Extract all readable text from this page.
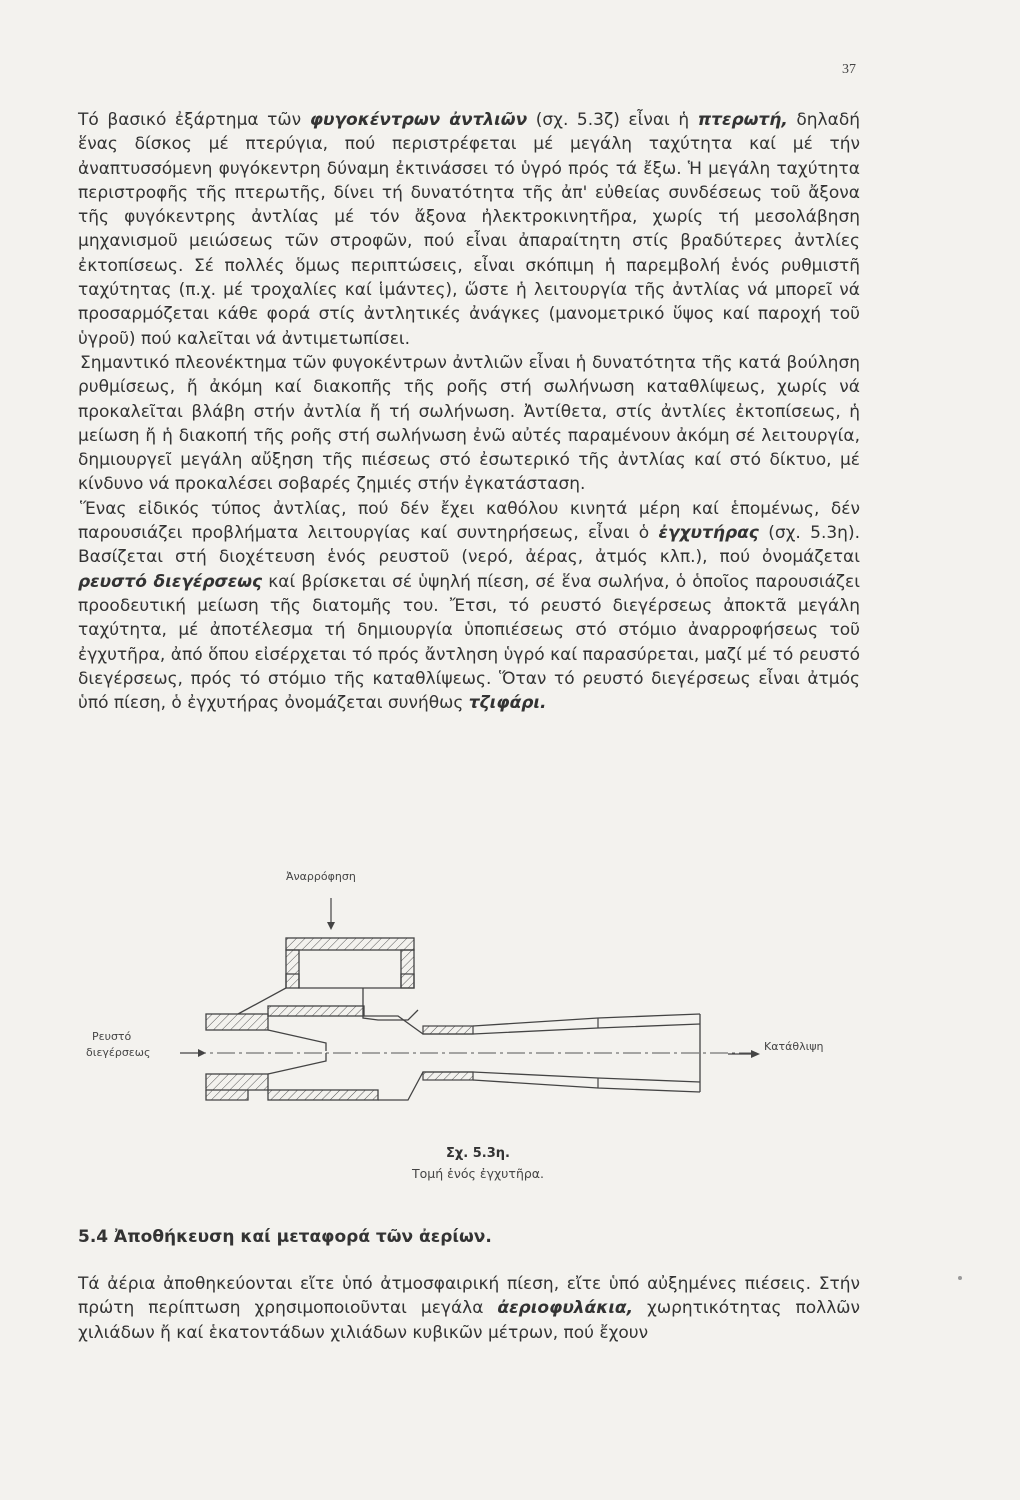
37

Τό βασικό ἐξάρτημα τῶν φυγοκέντρων ἀντλιῶν (σχ. 5.3ζ) εἶναι ἡ πτερωτή, δηλαδή ἕνας δίσκος μέ πτερύγια, πού περιστρέφεται μέ μεγάλη ταχύτητα καί μέ τήν ἀναπτυσσόμενη φυγόκεντρη δύναμη ἐκτινάσσει τό ὑγρό πρός τά ἔξω. Ἡ μεγάλη ταχύτητα περιστροφῆς τῆς πτερωτῆς, δίνει τή δυνατότητα τῆς ἀπ' εὐθείας συνδέσεως τοῦ ἄξονα τῆς φυγόκεντρης ἀντλίας μέ τόν ἄξονα ἠλεκτροκινητῆρα, χωρίς τή μεσολάβηση μηχανισμοῦ μειώσεως τῶν στροφῶν, πού εἶναι ἀπαραίτητη στίς βραδύτερες ἀντλίες ἐκτοπίσεως. Σέ πολλές ὅμως περιπτώσεις, εἶναι σκόπιμη ἡ παρεμβολή ἑνός ρυθμιστῆ ταχύτητας (π.χ. μέ τροχαλίες καί ἱμάντες), ὥστε ἡ λειτουργία τῆς ἀντλίας νά μπορεῖ νά προσαρμόζεται κάθε φορά στίς ἀντλητικές ἀνάγκες (μανομετρικό ὕψος καί παροχή τοῦ ὑγροῦ) πού καλεῖται νά ἀντιμετωπίσει.

Σημαντικό πλεονέκτημα τῶν φυγοκέντρων ἀντλιῶν εἶναι ἡ δυνατότητα τῆς κατά βούληση ρυθμίσεως, ἤ ἀκόμη καί διακοπῆς τῆς ροῆς στή σωλήνωση καταθλίψεως, χωρίς νά προκαλεῖται βλάβη στήν ἀντλία ἤ τή σωλήνωση. Ἀντίθετα, στίς ἀντλίες ἐκτοπίσεως, ἡ μείωση ἤ ἡ διακοπή τῆς ροῆς στή σωλήνωση ἐνῶ αὐτές παραμένουν ἀκόμη σέ λειτουργία, δημιουργεῖ μεγάλη αὔξηση τῆς πιέσεως στό ἐσωτερικό τῆς ἀντλίας καί στό δίκτυο, μέ κίνδυνο νά προκαλέσει σοβαρές ζημιές στήν ἐγκατάσταση.

Ἕνας εἰδικός τύπος ἀντλίας, πού δέν ἔχει καθόλου κινητά μέρη καί ἑπομένως, δέν παρουσιάζει προβλήματα λειτουργίας καί συντηρήσεως, εἶναι ὁ ἐγχυτήρας (σχ. 5.3η). Βασίζεται στή διοχέτευση ἑνός ρευστοῦ (νερό, ἀέρας, ἀτμός κλπ.), πού ὀνομάζεται ρευστό διεγέρσεως καί βρίσκεται σέ ὑψηλή πίεση, σέ ἕνα σωλήνα, ὁ ὁποῖος παρουσιάζει προοδευτική μείωση τῆς διατομῆς του. Ἔτσι, τό ρευστό διεγέρσεως ἀποκτᾶ μεγάλη ταχύτητα, μέ ἀποτέλεσμα τή δημιουργία ὑποπιέσεως στό στόμιο ἀναρροφήσεως τοῦ ἐγχυτῆρα, ἀπό ὅπου εἰσέρχεται τό πρός ἄντληση ὑγρό καί παρασύρεται, μαζί μέ τό ρευστό διεγέρσεως, πρός τό στόμιο τῆς καταθλίψεως. Ὅταν τό ρευστό διεγέρσεως εἶναι ἀτμός ὑπό πίεση, ὁ ἐγχυτήρας ὀνομάζεται συνήθως τζιφάρι.

Ἀναρρόφηση
Ρευστό
διεγέρσεως	Κατάθλιψη
Σχ. 5.3η.
Τομή ἑνός ἐγχυτῆρα.
5.4 Ἀποθήκευση καί μεταφορά τῶν ἀερίων.

Τά ἀέρια ἀποθηκεύονται εἴτε ὑπό ἀτμοσφαιρική πίεση, εἴτε ὑπό αὐξημένες πιέσεις. Στήν πρώτη περίπτωση χρησιμοποιοῦνται μεγάλα ἀεριοφυλάκια, χωρητικότητας πολλῶν χιλιάδων ἤ καί ἑκατοντάδων χιλιάδων κυβικῶν μέτρων, πού ἔχουν
